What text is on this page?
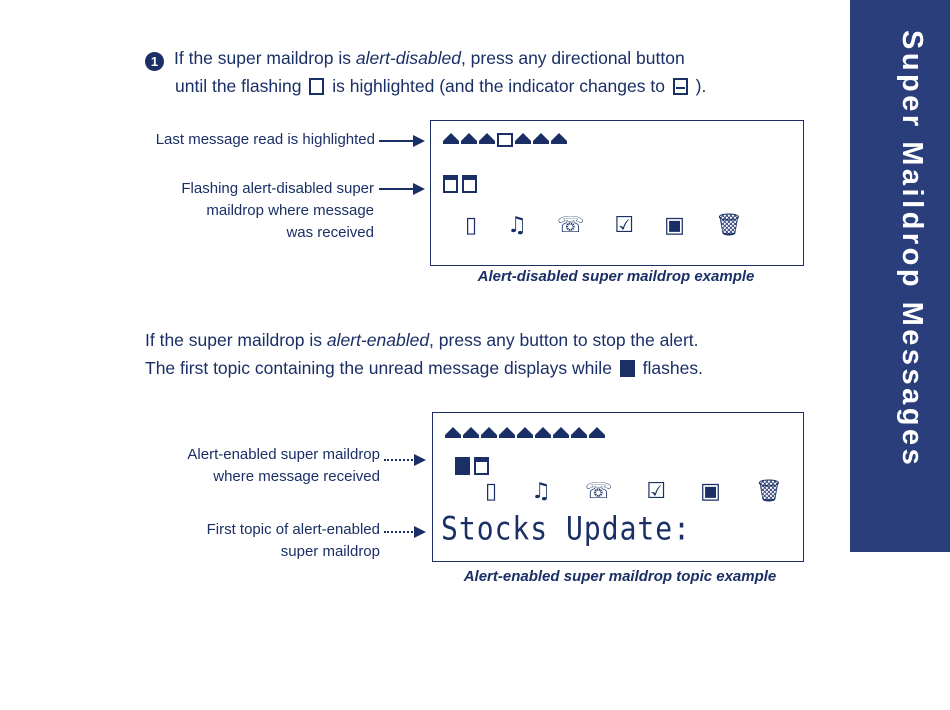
Super Maildrop Messages
1 If the super maildrop is alert-disabled, press any directional button
until the flashing  is highlighted (and the indicator changes to  ).
Last message read is highlighted
Flashing alert-disabled super
maildrop where message
was received	▯ ♫ ☏ ☑ ▣ 🗑
Alert-disabled super maildrop example
If the super maildrop is alert-enabled, press any button to stop the alert.
The first topic containing the unread message displays while  flashes.
Alert-enabled super maildrop
where message received
First topic of alert-enabled
super maildrop
▯ ♫ ☏ ☑ ▣ 🗑
Stocks Update:
Alert-enabled super maildrop topic example
